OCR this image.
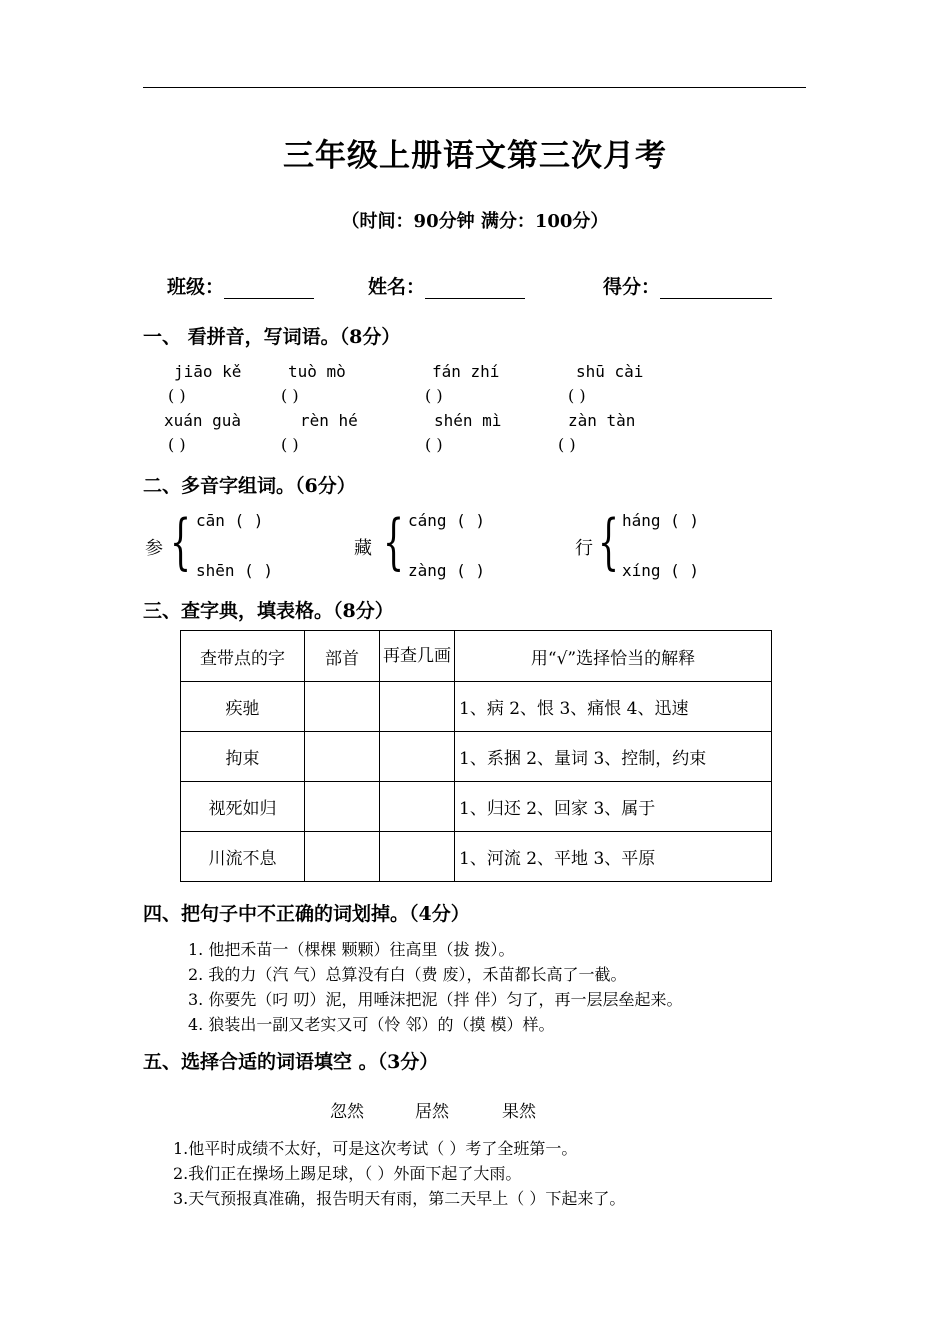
三年级上册语文第三次月考
（时间：90分钟 满分：100分）
班级：	姓名：	得分：
一、 看拼音，写词语。（8分）
jiāo kě
( )
tuò mò
( )
fán zhí
( )
shū cài
( )
xuán guà
( )
rèn hé
( )
shén mì
( )
zàn tàn
( )
二、多音字组词。（6分）
参 { cān ( )
shēn ( )
藏 { cáng ( )
zàng ( )
行 { háng ( )
xíng ( )
三、查字典，填表格。（8分）
查带点的字	部首	再查几画	用“√”选择恰当的解释
疾驰			1、病 2、恨 3、痛恨 4、迅速
拘束			1、系捆 2、量词 3、控制，约束
视死如归			1、归还 2、回家 3、属于
川流不息			1、河流 2、平地 3、平原
四、把句子中不正确的词划掉。（4分）
1. 他把禾苗一（棵棵 颗颗）往高里（拔 拨）。
2. 我的力（汽 气）总算没有白（费 废），禾苗都长高了一截。
3. 你要先（叼 叨）泥，用唾沫把泥（拌 伴）匀了，再一层层垒起来。
4. 狼装出一副又老实又可（怜 邻）的（摸 模）样。
五、选择合适的词语填空 。（3分）
忽然	居然	果然
1.他平时成绩不太好，可是这次考试（ ）考了全班第一。
2.我们正在操场上踢足球，（ ）外面下起了大雨。
3.天气预报真准确，报告明天有雨，第二天早上（ ）下起来了。
